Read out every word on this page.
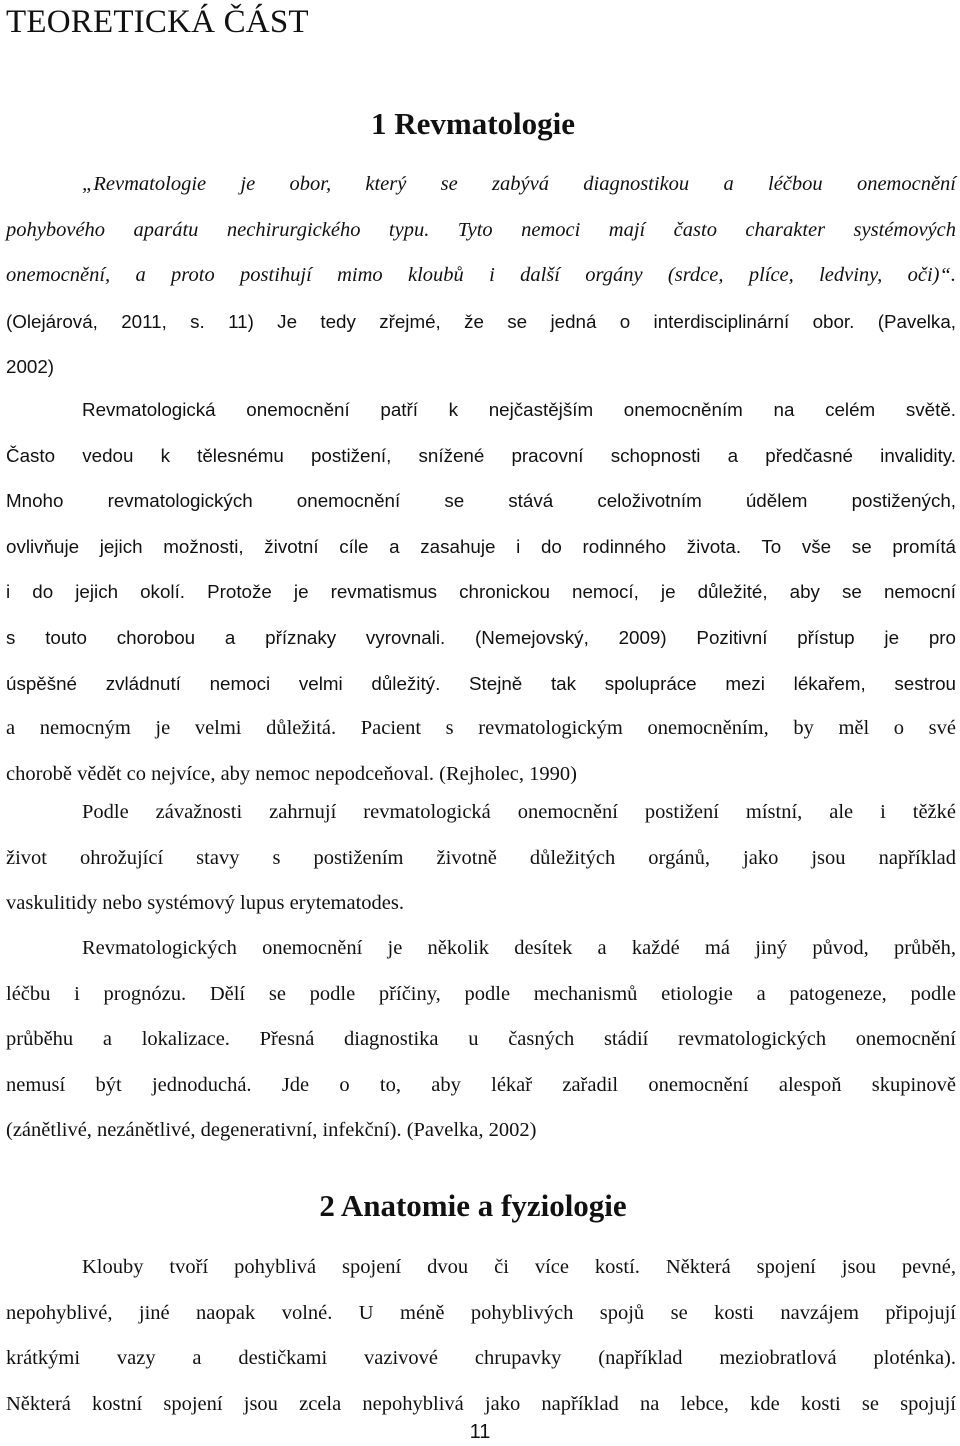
TEORETICKÁ ČÁST
1 Revmatologie
„Revmatologie je obor, který se zabývá diagnostikou a léčbou onemocnění
pohybového aparátu nechirurgického typu. Tyto nemoci mají často charakter systémových
onemocnění, a proto postihují mimo kloubů i další orgány (srdce, plíce, ledviny, oči)“.
(Olejárová, 2011, s. 11) Je tedy zřejmé, že se jedná o interdisciplinární obor. (Pavelka,
2002)
Revmatologická onemocnění patří k nejčastějším onemocněním na celém světě.
Často vedou k tělesnému postižení, snížené pracovní schopnosti a předčasné invalidity.
Mnoho revmatologických onemocnění se stává celoživotním údělem postižených,
ovlivňuje jejich možnosti, životní cíle a zasahuje i do rodinného života. To vše se promítá
i do jejich okolí. Protože je revmatismus chronickou nemocí, je důležité, aby se nemocní
s touto chorobou a příznaky vyrovnali. (Nemejovský, 2009) Pozitivní přístup je pro
úspěšné zvládnutí nemoci velmi důležitý. Stejně tak spolupráce mezi lékařem, sestrou
a nemocným je velmi důležitá. Pacient s revmatologickým onemocněním, by měl o své
chorobě vědět co nejvíce, aby nemoc nepodceňoval. (Rejholec, 1990)
Podle závažnosti zahrnují revmatologická onemocnění postižení místní, ale i těžké
život ohrožující stavy s postižením životně důležitých orgánů, jako jsou například
vaskulitidy nebo systémový lupus erytematodes.
Revmatologických onemocnění je několik desítek a každé má jiný původ, průběh,
léčbu i prognózu. Dělí se podle příčiny, podle mechanismů etiologie a patogeneze, podle
průběhu a lokalizace. Přesná diagnostika u časných stádií revmatologických onemocnění
nemusí být jednoduchá. Jde o to, aby lékař zařadil onemocnění alespoň skupinově
(zánětlivé, nezánětlivé, degenerativní, infekční). (Pavelka, 2002)
2 Anatomie a fyziologie
Klouby tvoří pohyblivá spojení dvou či více kostí. Některá spojení jsou pevné,
nepohyblivé, jiné naopak volné. U méně pohyblivých spojů se kosti navzájem připojují
krátkými vazy a destičkami vazivové chrupavky (například meziobratlová ploténka).
Některá kostní spojení jsou zcela nepohyblivá jako například na lebce, kde kosti se spojují
11
